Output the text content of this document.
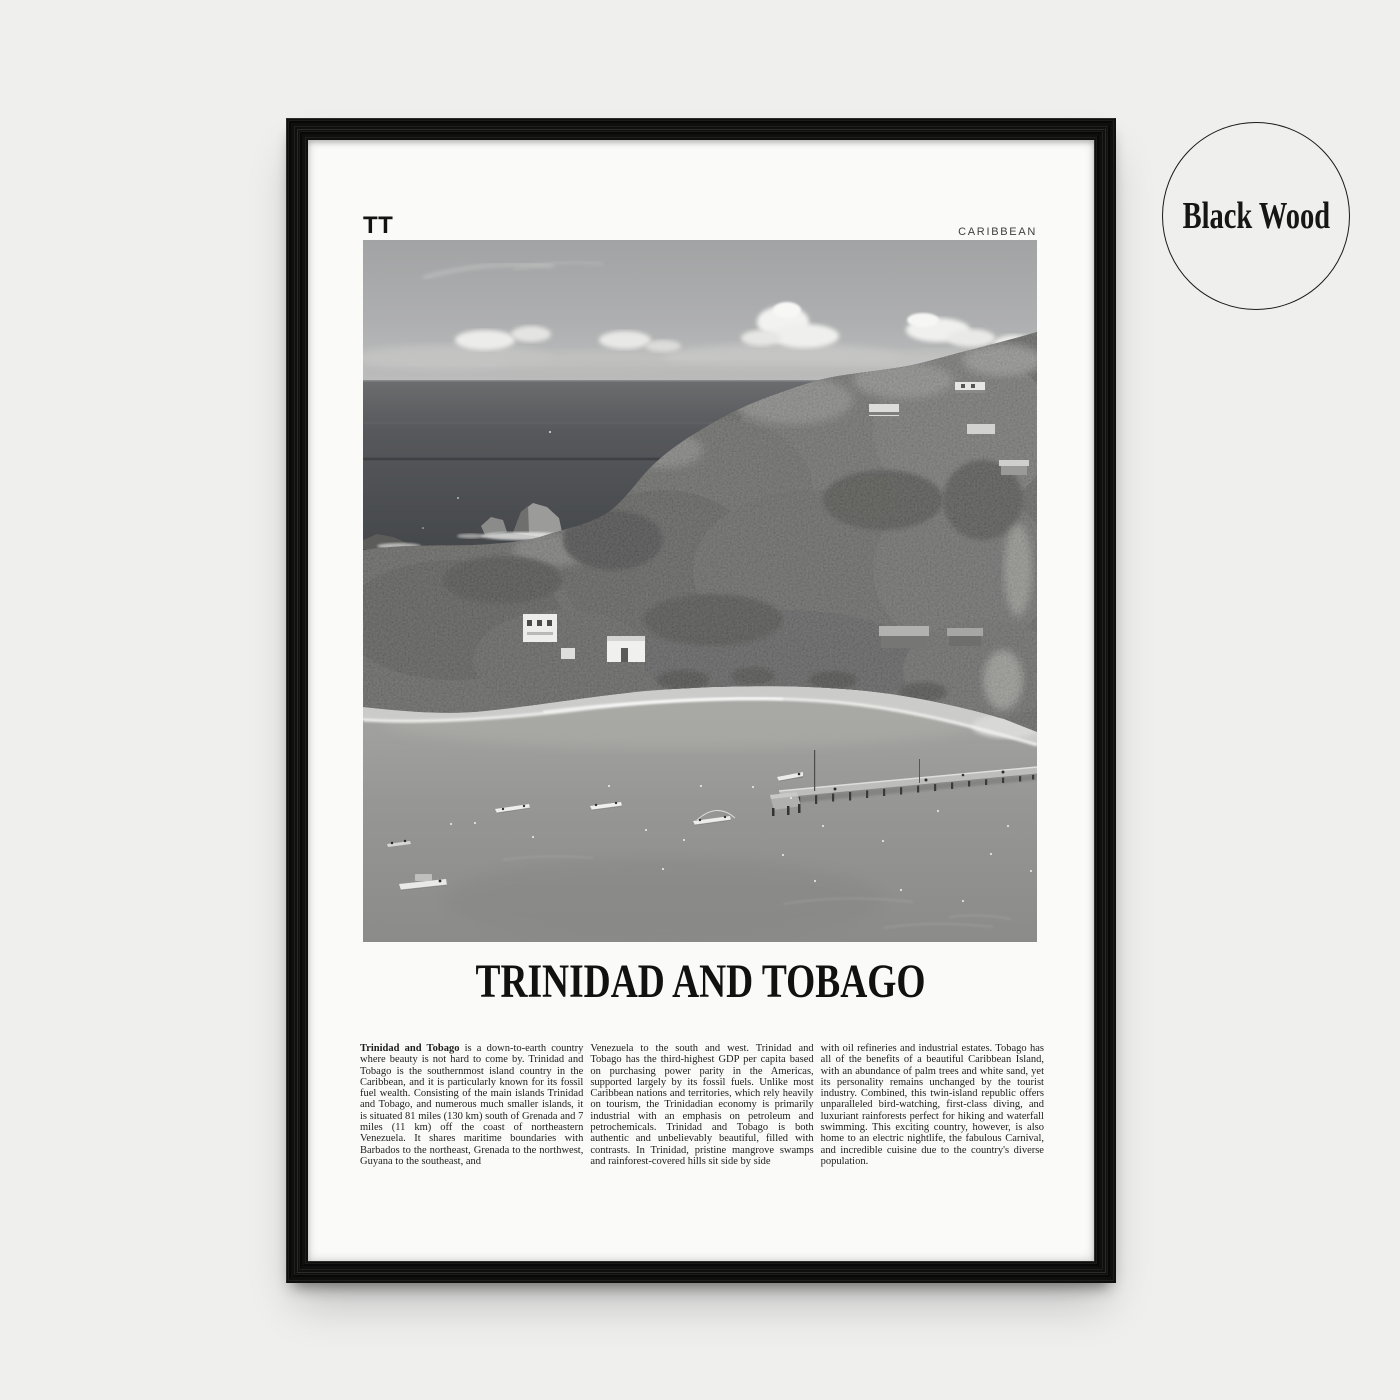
TT	CARIBBEAN
TRINIDAD AND TOBAGO

Trinidad and Tobago is a down-to-earth country where beauty is not hard to come by. Trinidad and Tobago is the southernmost island country in the Caribbean, and it is particularly known for its fossil fuel wealth. Consisting of the main islands Trinidad and Tobago, and numerous much smaller islands, it is situated 81 miles (130 km) south of Grenada and 7 miles (11 km) off the coast of northeastern Venezuela. It shares maritime boundaries with Barbados to the northeast, Grenada to the northwest, Guyana to the southeast, and

Venezuela to the south and west. Trinidad and Tobago has the third-highest GDP per capita based on purchasing power parity in the Americas, supported largely by its fossil fuels. Unlike most Caribbean nations and territories, which rely heavily on tourism, the Trinidadian economy is primarily industrial with an emphasis on petroleum and petrochemicals. Trinidad and Tobago is both authentic and unbelievably beautiful, filled with contrasts. In Trinidad, pristine mangrove swamps and rainforest-covered hills sit side by side

with oil refineries and industrial estates. Tobago has all of the benefits of a beautiful Caribbean Island, with an abundance of palm trees and white sand, yet its personality remains unchanged by the tourist industry. Combined, this twin-island republic offers unparalleled bird-watching, first-class diving, and luxuriant rainforests perfect for hiking and waterfall swimming. This exciting country, however, is also home to an electric nightlife, the fabulous Carnival, and incredible cuisine due to the country's diverse population.

Black Wood
